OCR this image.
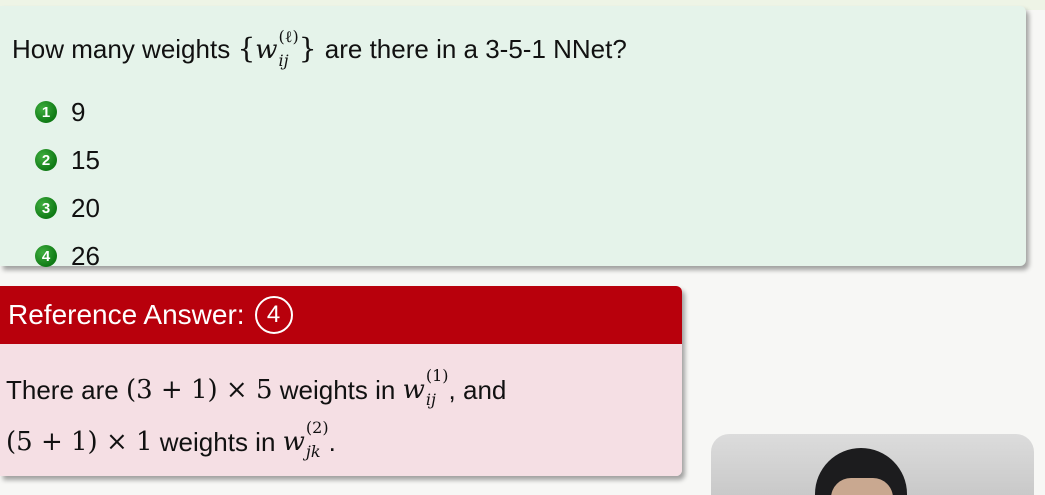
How many weights {w (ℓ)
ij } are there in a 3-5-1 NNet?
1 9
2 15
3 20
4 26
Reference Answer: 4
There are
(3 + 1) × 5
weights in
w (1)
ij , and
(5 + 1) × 1
weights in
w (2)
jk .
